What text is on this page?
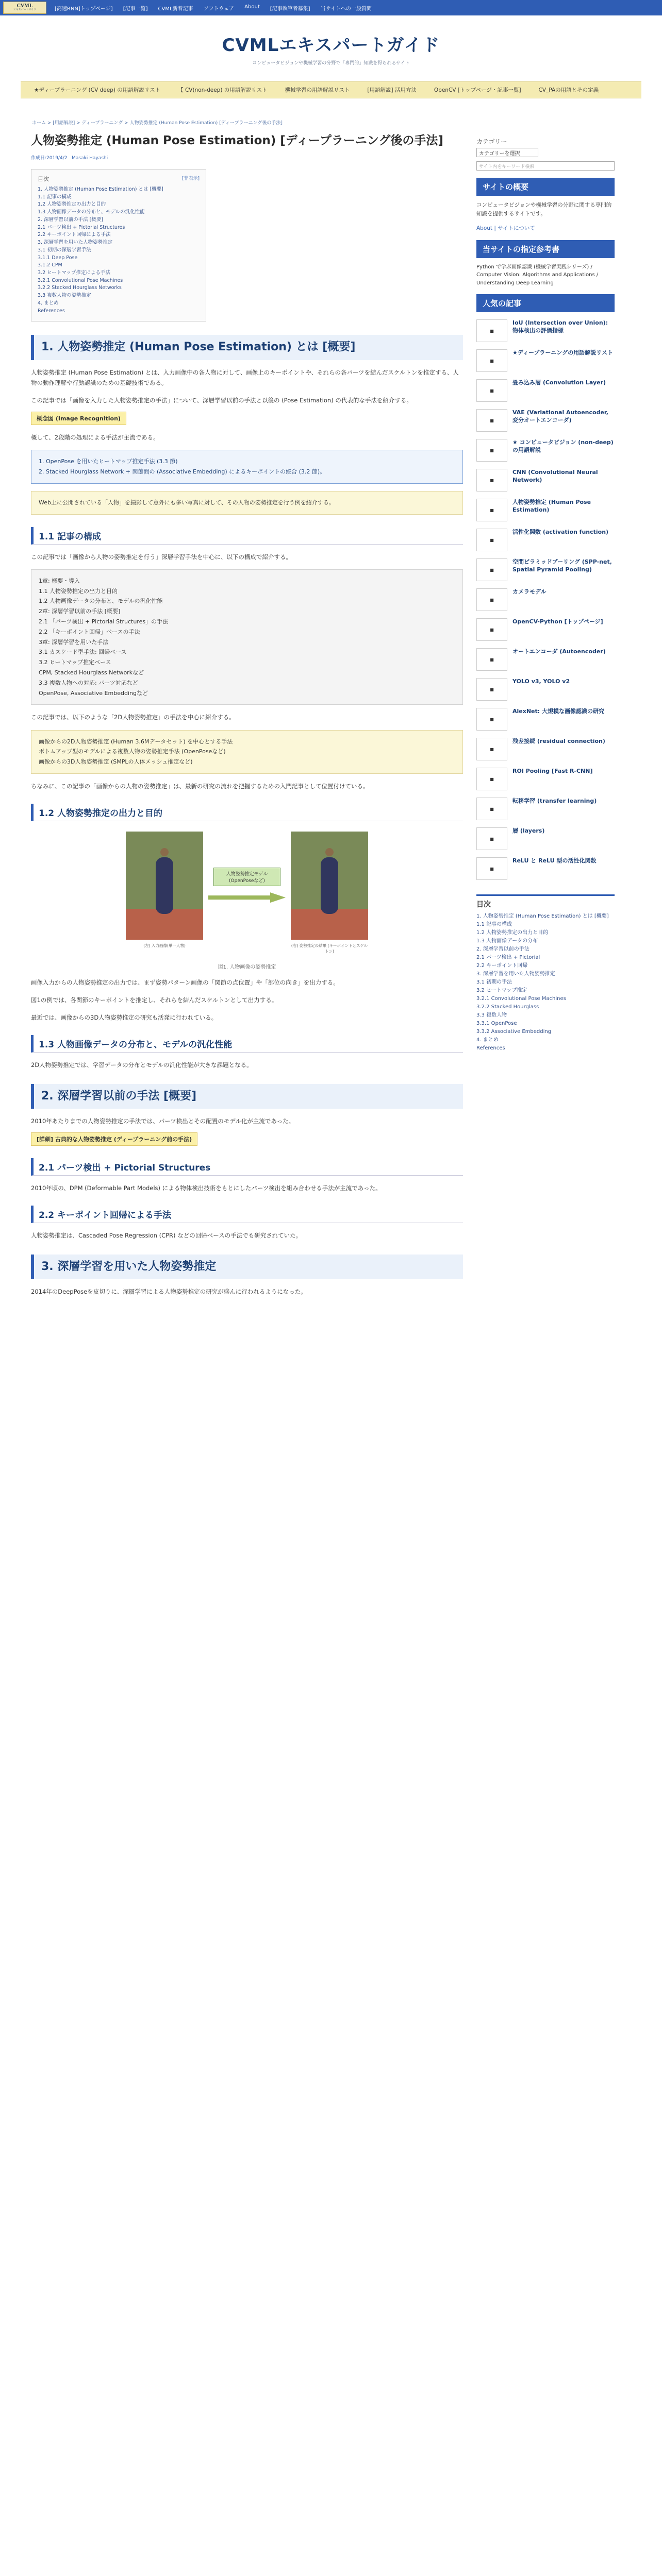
CVML
エキスパートガイド	[高速RNN]トップページ]	[記事一覧]	CVML新着記事	ソフトウェア	About	[記事執筆者募集]	当サイトへの一般質問
CVMLエキスパートガイド
コンピュータビジョンや機械学習の分野で「専門的」知識を得られるサイト
★ディープラーニング (CV deep) の用語解説リスト	【 CV(non-deep) の用語解説リスト	機械学習の用語解説リスト	[用語解説] 活用方法	OpenCV [トップページ・記事一覧]	CV_PAの用語とその定義
ホーム > [用語解説] > ディープラーニング > 人物姿勢推定 (Human Pose Estimation) [ディープラーニング後の手法]
人物姿勢推定 (Human Pose Estimation) [ディープラーニング後の手法]
作成日:2019/4/2 Masaki Hayashi
目次	[非表示]
1. 人物姿勢推定 (Human Pose Estimation) とは [概要]
1.1 記事の構成
1.2 人物姿勢推定の出力と目的
1.3 人物画像データの分布と、モデルの汎化性能
2. 深層学習以前の手法 [概要]
2.1 パーツ検出 + Pictorial Structures
2.2 キーポイント回帰による手法
3. 深層学習を用いた人物姿勢推定
3.1 初期の深層学習手法
3.1.1 Deep Pose
3.1.2 CPM
3.2 ヒートマップ推定による手法
3.2.1 Convolutional Pose Machines
3.2.2 Stacked Hourglass Networks
3.3 複数人物の姿勢推定
4. まとめ
References
1. 人物姿勢推定 (Human Pose Estimation) とは [概要]

人物姿勢推定 (Human Pose Estimation) とは、入力画像中の各人物に対して、画像上のキーポイントや、それらの各パーツを結んだスケルトンを推定する、人物の動作理解や行動認識のための基礎技術である。

この記事では「画像を入力した人物姿勢推定の手法」について、深層学習以前の手法と以後の (Pose Estimation) の代表的な手法を紹介する。

概念図 (Image Recognition)

概して、2段階の処理による手法が主流である。

1. OpenPose を用いたヒートマップ推定手法 (3.3 節)
2. Stacked Hourglass Network + 関節間の (Associative Embedding) によるキーポイントの統合 (3.2 節)。
Web上に公開されている「人物」を撮影して意外にも多い写真に対して、その人物の姿勢推定を行う例を紹介する。
1.1 記事の構成

この記事では「画像から人物の姿勢推定を行う」深層学習手法を中心に、以下の構成で紹介する。

1章: 概要・導入
1.1 人物姿勢推定の出力と目的
1.2 人物画像データの分布と、モデルの汎化性能
2章: 深層学習以前の手法 [概要]
2.1 「パーツ検出 + Pictorial Structures」の手法
2.2 「キーポイント回帰」ベースの手法
3章: 深層学習を用いた手法
3.1 カスケード型手法: 回帰ベース
3.2 ヒートマップ推定ベース
CPM, Stacked Hourglass Networkなど
3.3 複数人物への対応: パーツ対応など
OpenPose, Associative Embeddingなど

この記事では、以下のような「2D人物姿勢推定」の手法を中心に紹介する。

画像からの2D人物姿勢推定 (Human 3.6Mデータセット) を中心とする手法
ボトムアップ型のモデルによる複数人物の姿勢推定手法 (OpenPoseなど)
画像からの3D人物姿勢推定 (SMPLの人体メッシュ推定など)

ちなみに、この記事の「画像からの人物の姿勢推定」は、最新の研究の流れを把握するための入門記事として位置付けている。

1.2 人物姿勢推定の出力と目的
人物姿勢推定モデル (OpenPoseなど)
(左) 入力画像(単一人物)	(右) 姿勢推定の結果 (キーポイントとスケルトン)
図1. 人物画像の姿勢推定

画像入力からの人物姿勢推定の出力では、まず姿勢パターン画像の「関節の点位置」や「部位の向き」を出力する。

図1の例では、各関節のキーポイントを推定し、それらを結んだスケルトンとして出力する。

最近では、画像からの3D人物姿勢推定の研究も活発に行われている。

1.3 人物画像データの分布と、モデルの汎化性能

2D人物姿勢推定では、学習データの分布とモデルの汎化性能が大きな課題となる。

2. 深層学習以前の手法 [概要]

2010年あたりまでの人物姿勢推定の手法では、パーツ検出とその配置のモデル化が主流であった。

[詳細] 古典的な人物姿勢推定 (ディープラーニング前の手法)
2.1 パーツ検出 + Pictorial Structures

2010年頃の、DPM (Deformable Part Models) による物体検出技術をもとにしたパーツ検出を組み合わせる手法が主流であった。

2.2 キーポイント回帰による手法

人物姿勢推定は、Cascaded Pose Regression (CPR) などの回帰ベースの手法でも研究されていた。

3. 深層学習を用いた人物姿勢推定

2014年のDeepPoseを皮切りに、深層学習による人物姿勢推定の研究が盛んに行われるようになった。

カテゴリー
カテゴリーを選択
サイト内をキーワード検索
サイトの概要
コンピュータビジョンや機械学習の分野に関する専門的知識を提供するサイトです。
About | サイトについて
当サイトの指定参考書
Python で学ぶ画像認識 (機械学習実践シリーズ) / Computer Vision: Algorithms and Applications / Understanding Deep Learning
人気の記事
■
IoU (Intersection over Union): 物体検出の評価指標
■
★ディープラーニングの用語解説リスト
■
畳み込み層 (Convolution Layer)
■
VAE (Variational Autoencoder, 変分オートエンコーダ)
■
★ コンピュータビジョン (non-deep) の用語解説
■
CNN (Convolutional Neural Network)
■
人物姿勢推定 (Human Pose Estimation)
■
活性化関数 (activation function)
■
空間ピラミッドプーリング (SPP-net, Spatial Pyramid Pooling)
■
カメラモデル
■
OpenCV-Python [トップページ]
■
オートエンコーダ (Autoencoder)
■
YOLO v3, YOLO v2
■
AlexNet: 大規模な画像認識の研究
■
残差接続 (residual connection)
■
ROI Pooling [Fast R-CNN]
■
転移学習 (transfer learning)
■
層 (layers)
■
ReLU と ReLU 型の活性化関数
目次
1. 人物姿勢推定 (Human Pose Estimation) とは [概要]
1.1 記事の構成
1.2 人物姿勢推定の出力と目的
1.3 人物画像データの分布
2. 深層学習以前の手法
2.1 パーツ検出 + Pictorial
2.2 キーポイント回帰
3. 深層学習を用いた人物姿勢推定
3.1 初期の手法
3.2 ヒートマップ推定
3.2.1 Convolutional Pose Machines
3.2.2 Stacked Hourglass
3.3 複数人物
3.3.1 OpenPose
3.3.2 Associative Embedding
4. まとめ
References
